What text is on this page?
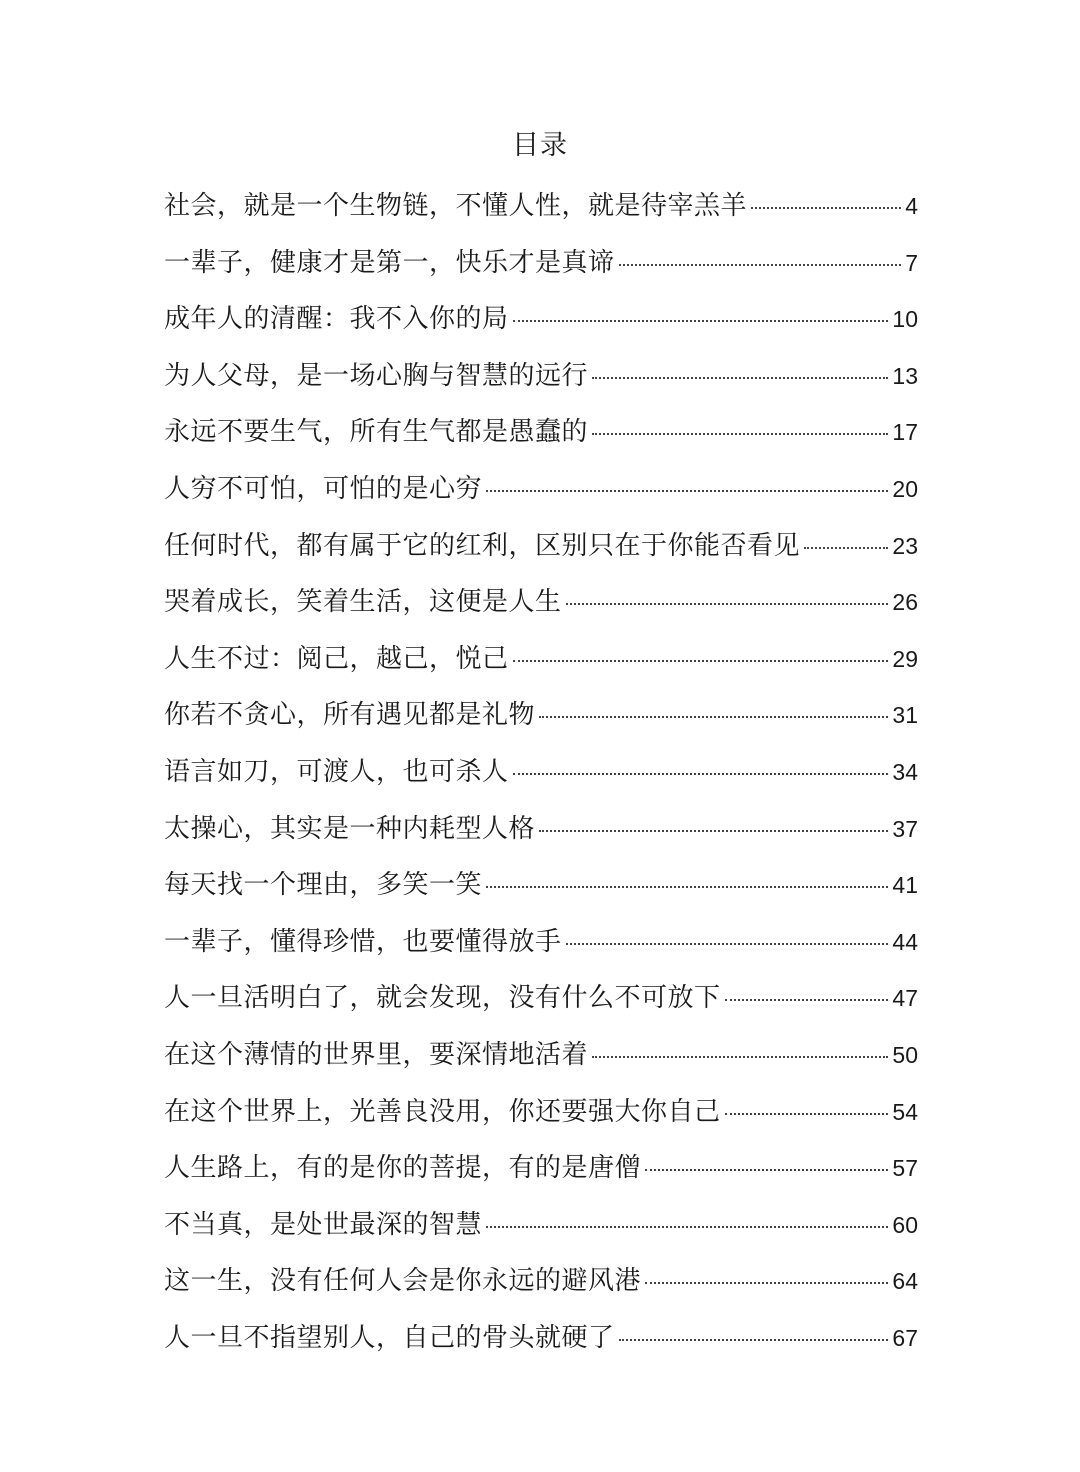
目录
社会，就是一个生物链，不懂人性，就是待宰羔羊	4
一辈子，健康才是第一，快乐才是真谛	7
成年人的清醒：我不入你的局	10
为人父母，是一场心胸与智慧的远行	13
永远不要生气，所有生气都是愚蠢的	17
人穷不可怕，可怕的是心穷	20
任何时代，都有属于它的红利，区别只在于你能否看见	23
哭着成长，笑着生活，这便是人生	26
人生不过：阅己，越己，悦己	29
你若不贪心，所有遇见都是礼物	31
语言如刀，可渡人，也可杀人	34
太操心，其实是一种内耗型人格	37
每天找一个理由，多笑一笑	41
一辈子，懂得珍惜，也要懂得放手	44
人一旦活明白了，就会发现，没有什么不可放下	47
在这个薄情的世界里，要深情地活着	50
在这个世界上，光善良没用，你还要强大你自己	54
人生路上，有的是你的菩提，有的是唐僧	57
不当真，是处世最深的智慧	60
这一生，没有任何人会是你永远的避风港	64
人一旦不指望别人，自己的骨头就硬了	67
